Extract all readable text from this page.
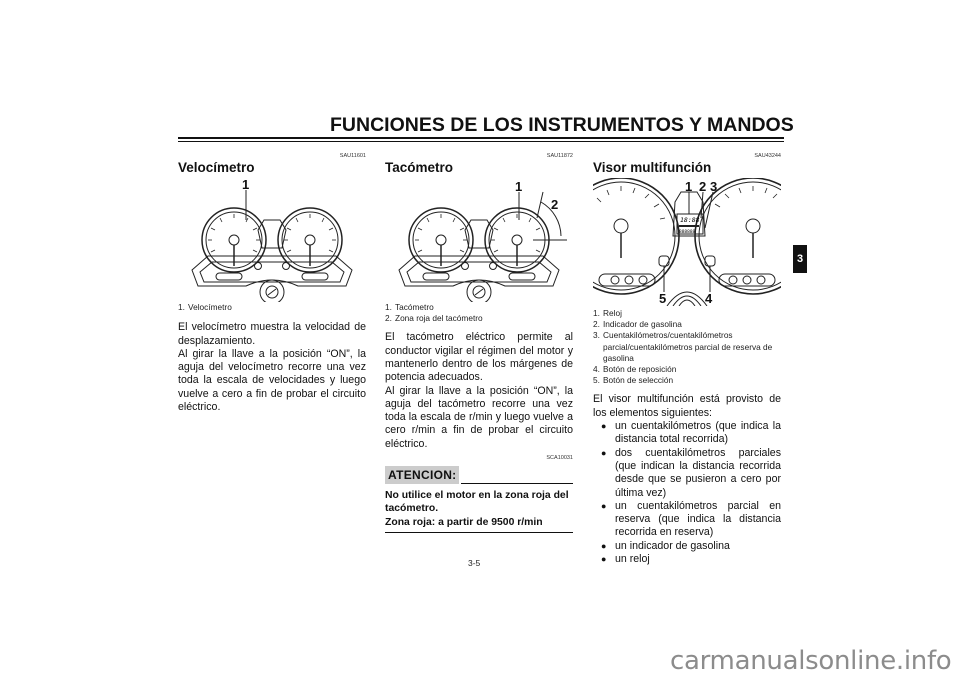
FUNCIONES DE LOS INSTRUMENTOS Y MANDOS
3
SAU11601
Velocímetro
1
1. Velocímetro

El velocímetro muestra la velocidad de desplazamiento.

Al girar la llave a la posición “ON”, la aguja del velocímetro recorre una vez toda la escala de velocidades y luego vuelve a cero a fin de probar el circuito eléctrico.

SAU11872
Tacómetro
1
2
1. Tacómetro
2. Zona roja del tacómetro

El tacómetro eléctrico permite al conductor vigilar el régimen del motor y mantenerlo dentro de los márgenes de potencia adecuados.

Al girar la llave a la posición “ON”, la aguja del tacómetro recorre una vez toda la escala de r/min y luego vuelve a cero r/min a fin de probar el circuito eléctrico.

SCA10031
ATENCION:
No utilice el motor en la zona roja del tacómetro.
Zona roja: a partir de 9500 r/min
SAU43244
Visor multifunción
18:88
888888
1 2 3
5	4
1. Reloj
2. Indicador de gasolina
3. Cuentakilómetros/cuentakilómetros parcial/cuentakilómetros parcial de reserva de gasolina
4. Botón de reposición
5. Botón de selección
El visor multifunción está provisto de los elementos siguientes:
● un cuentakilómetros (que indica la distancia total recorrida)
● dos cuentakilómetros parciales (que indican la distancia recorrida desde que se pusieron a cero por última vez)
● un cuentakilómetros parcial en reserva (que indica la distancia recorrida en reserva)
● un indicador de gasolina
● un reloj
3-5
carmanualsonline.info
